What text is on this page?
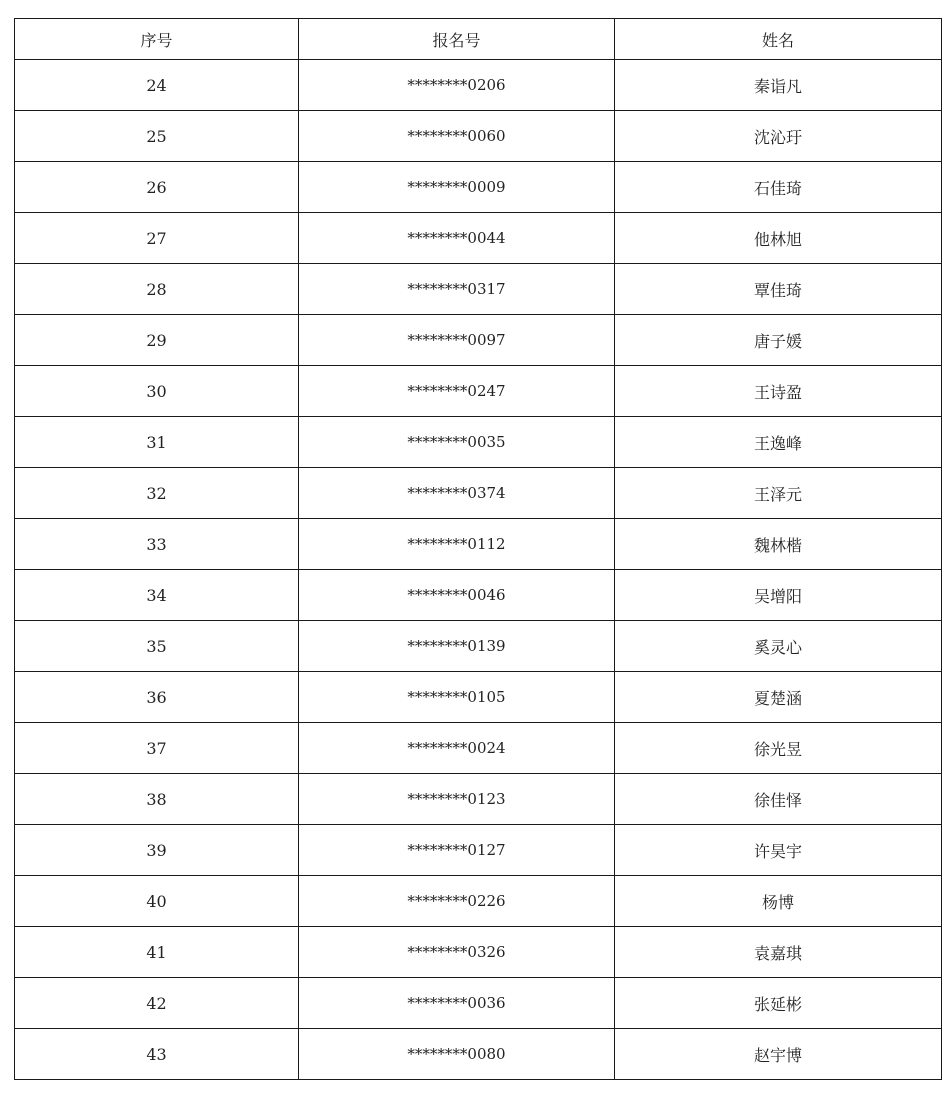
序号	报名号	姓名
24	********0206	秦诣凡
25	********0060	沈沁玗
26	********0009	石佳琦
27	********0044	他林旭
28	********0317	覃佳琦
29	********0097	唐子媛
30	********0247	王诗盈
31	********0035	王逸峰
32	********0374	王泽元
33	********0112	魏林楷
34	********0046	吴增阳
35	********0139	奚灵心
36	********0105	夏楚涵
37	********0024	徐光昱
38	********0123	徐佳怿
39	********0127	许昊宇
40	********0226	杨博
41	********0326	袁嘉琪
42	********0036	张延彬
43	********0080	赵宇博
